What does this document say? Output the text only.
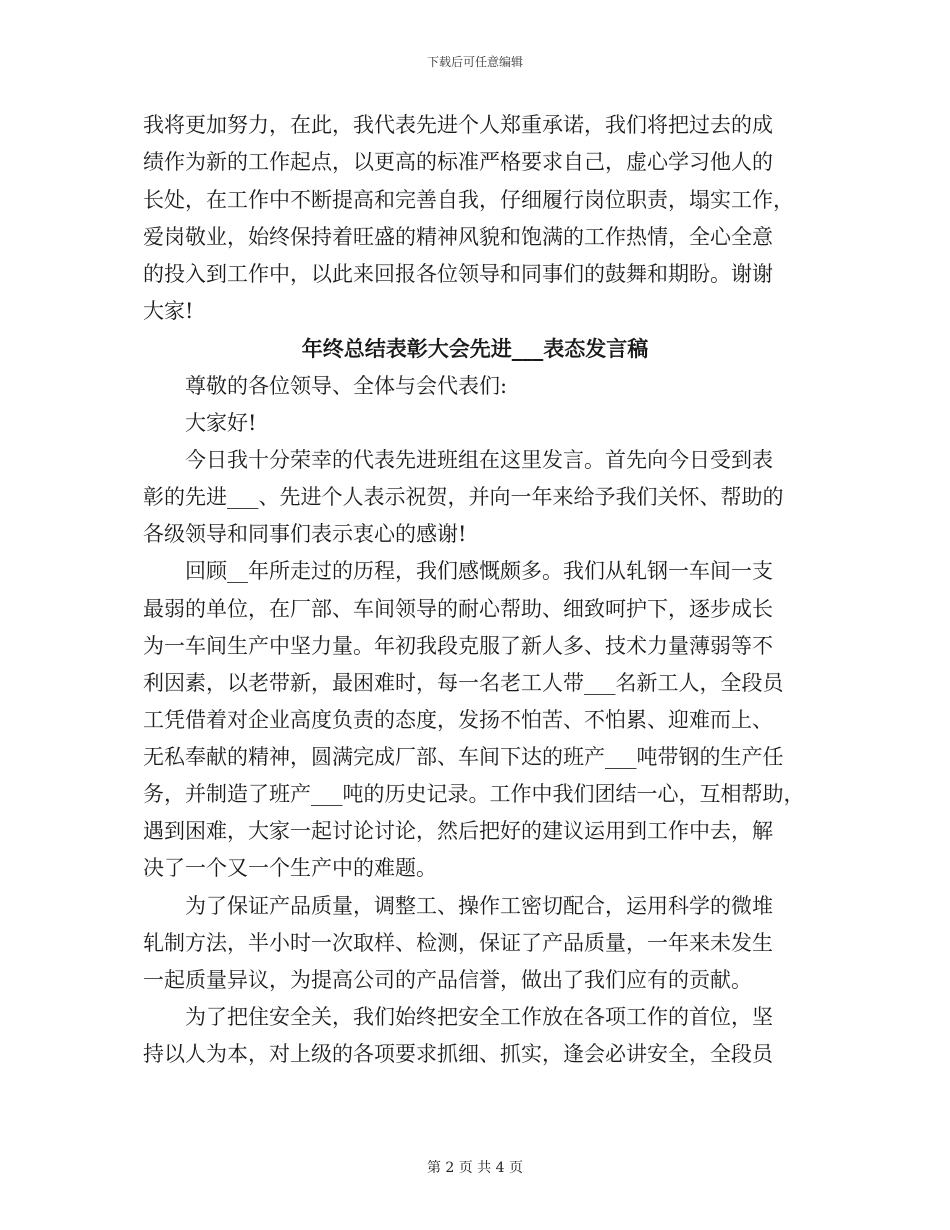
下载后可任意编辑
我将更加努力，在此，我代表先进个人郑重承诺，我们将把过去的成
绩作为新的工作起点，以更高的标准严格要求自己，虚心学习他人的
长处，在工作中不断提高和完善自我，仔细履行岗位职责，塌实工作，
爱岗敬业，始终保持着旺盛的精神风貌和饱满的工作热情，全心全意
的投入到工作中，以此来回报各位领导和同事们的鼓舞和期盼。谢谢
大家!
年终总结表彰大会先进___表态发言稿
　　尊敬的各位领导、全体与会代表们:
　　大家好!
　　今日我十分荣幸的代表先进班组在这里发言。首先向今日受到表
彰的先进___、先进个人表示祝贺，并向一年来给予我们关怀、帮助的
各级领导和同事们表示衷心的感谢!
　　回顾__年所走过的历程，我们感慨颇多。我们从轧钢一车间一支
最弱的单位，在厂部、车间领导的耐心帮助、细致呵护下，逐步成长
为一车间生产中坚力量。年初我段克服了新人多、技术力量薄弱等不
利因素，以老带新，最困难时，每一名老工人带___名新工人，全段员
工凭借着对企业高度负责的态度，发扬不怕苦、不怕累、迎难而上、
无私奉献的精神，圆满完成厂部、车间下达的班产___吨带钢的生产任
务，并制造了班产___吨的历史记录。工作中我们团结一心，互相帮助，
遇到困难，大家一起讨论讨论，然后把好的建议运用到工作中去，解
决了一个又一个生产中的难题。
　　为了保证产品质量，调整工、操作工密切配合，运用科学的微堆
轧制方法，半小时一次取样、检测，保证了产品质量，一年来未发生
一起质量异议，为提高公司的产品信誉，做出了我们应有的贡献。
　　为了把住安全关，我们始终把安全工作放在各项工作的首位，坚
持以人为本，对上级的各项要求抓细、抓实，逢会必讲安全，全段员
第 2 页 共 4 页
